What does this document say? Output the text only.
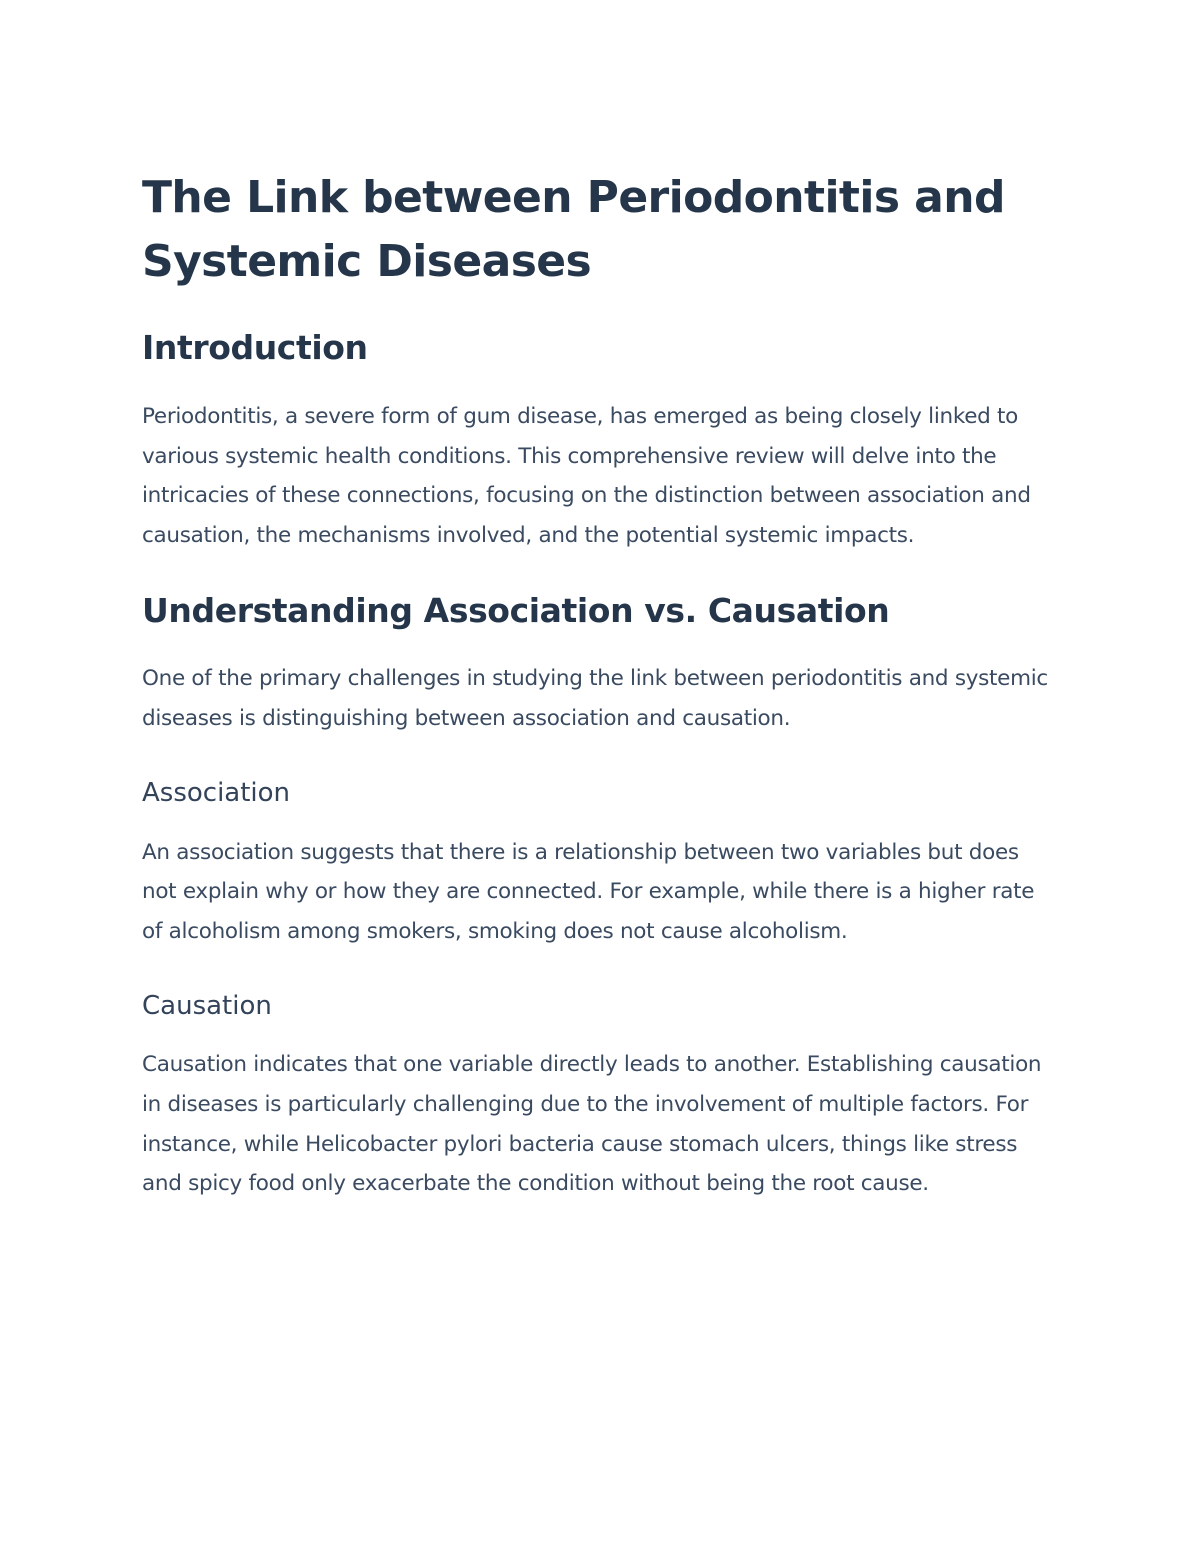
The Link between Periodontitis and Systemic Diseases
Introduction

Periodontitis, a severe form of gum disease, has emerged as being closely linked to various systemic health conditions. This comprehensive review will delve into the intricacies of these connections, focusing on the distinction between association and causation, the mechanisms involved, and the potential systemic impacts.

Understanding Association vs. Causation

One of the primary challenges in studying the link between periodontitis and systemic diseases is distinguishing between association and causation.

Association

An association suggests that there is a relationship between two variables but does not explain why or how they are connected. For example, while there is a higher rate of alcoholism among smokers, smoking does not cause alcoholism.

Causation

Causation indicates that one variable directly leads to another. Establishing causation in diseases is particularly challenging due to the involvement of multiple factors. For instance, while Helicobacter pylori bacteria cause stomach ulcers, things like stress and spicy food only exacerbate the condition without being the root cause.
